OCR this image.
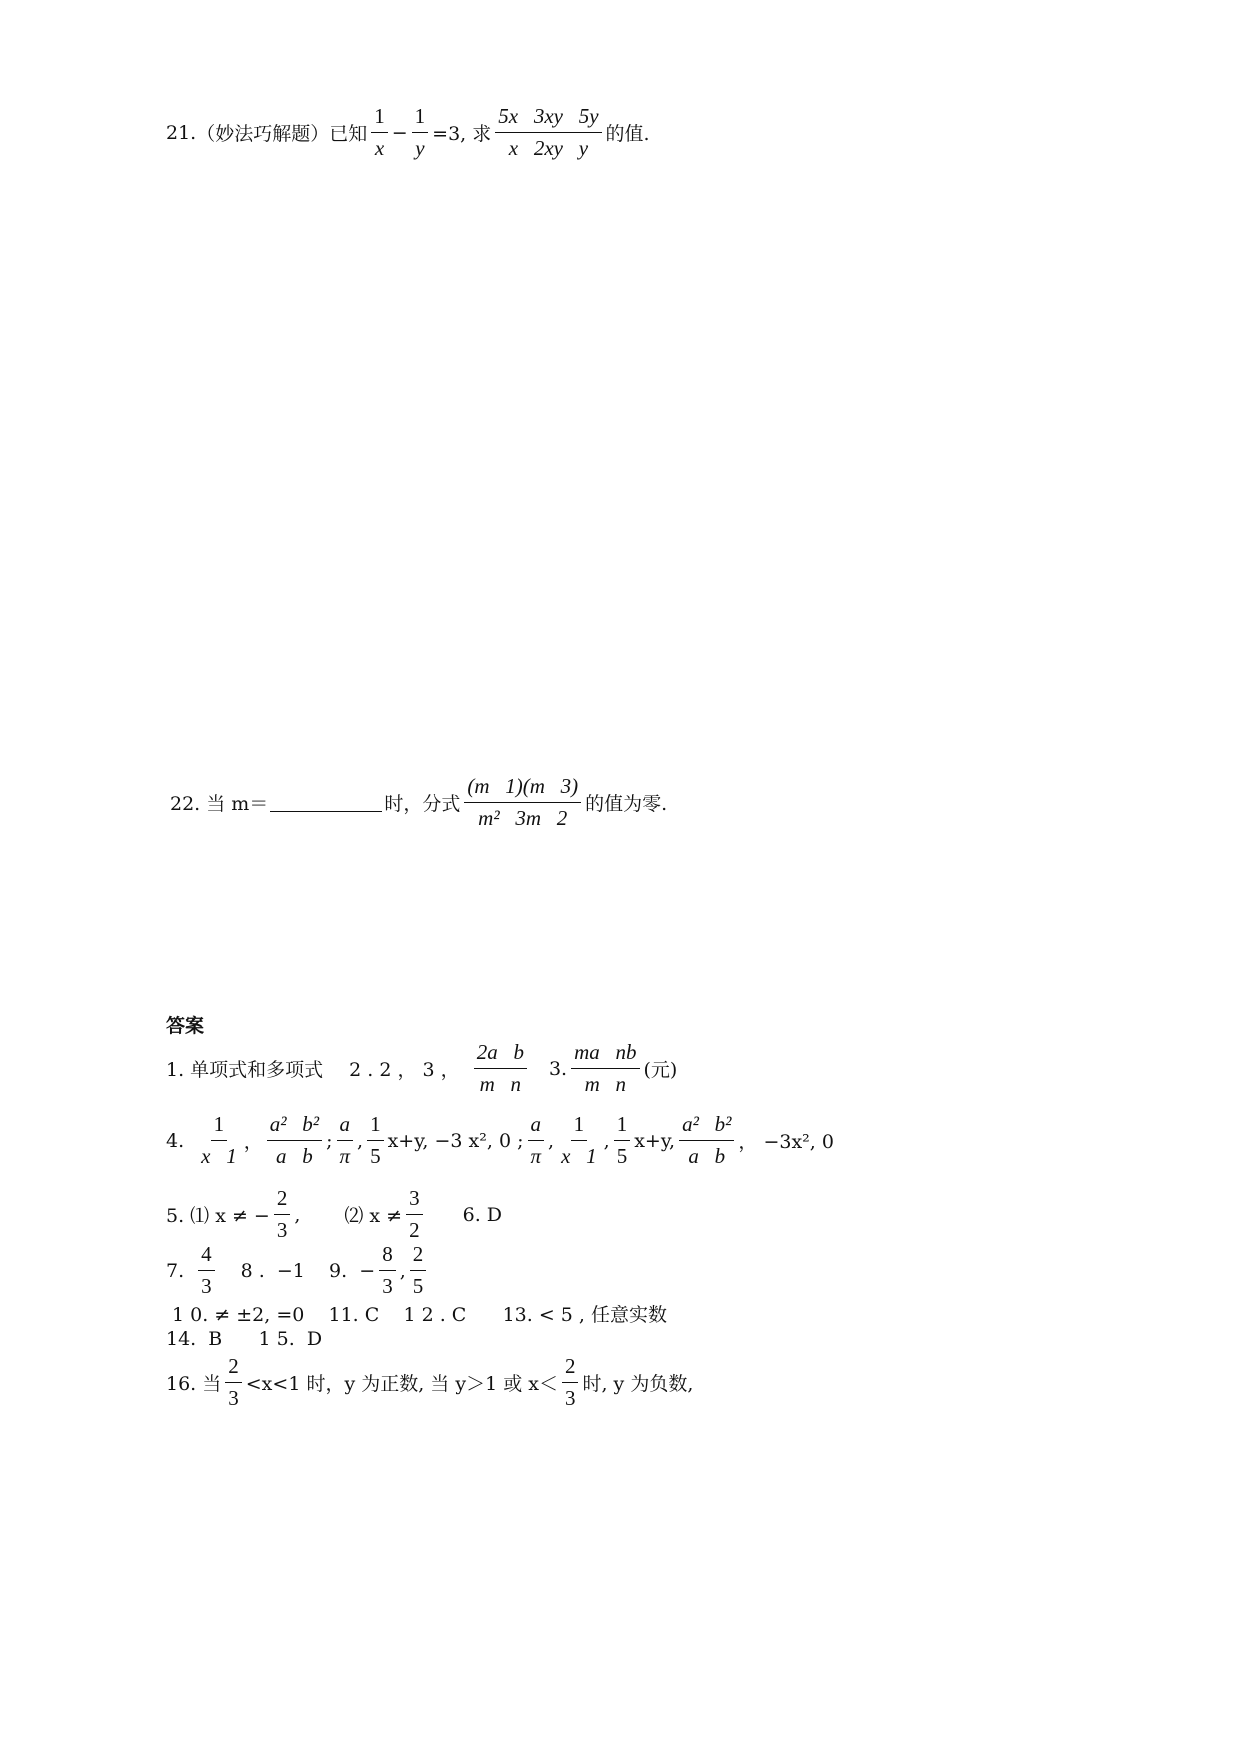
21. （妙法巧解题）已知 $\frac{1}{x} - \frac{1}{y} =3$, 求 $\frac{5x 3xy 5y}{\text{x   2xy   y}}$ 的值.
22. 当 m＝	时，分式 $\frac{(m 1)(m 3)}{\text{m²   3m   2}}$ 的值为零.
答案
1. 单项式和多项式 2 . 2 ， 3 ， $\frac{\text{2a   b}}{\text{m   n}} 3$. $\frac{\text{ma   nb}}{\text{m   n}}$ (元)
4. $\frac{1}{x 1}$ ， $\frac{\text{a²   b²}}{\text{a   b}}$ ; $\frac{a}{\pi}$ , $\frac{1}{5} x+y$, −3 x², 0 ; $\frac{a}{\pi}$ , $\frac{1}{x 1}$ , $\frac{1}{5} x+y$, $\frac{\text{a²   b²}}{\text{a   b}}$ ， −3x², 0
5. ⑴ x ≠ − $\frac{2}{3}$ , ⑵ $x \ne \frac{3}{2} 6$. D
7. $\frac{4}{3} 8$ .  −1    9.  − $\frac{8}{3}$ , $\frac{2}{5}$
1 0. ≠ ±2, =0    11. C    1 2 . C      13. < 5 , 任意实数
14.  B      1 5.  D
16. 当 $\frac{2}{3} <x<1$ 时，y 为正数, 当 y＞1 或 $x< \frac{2}{3}$ 时, y 为负数,
